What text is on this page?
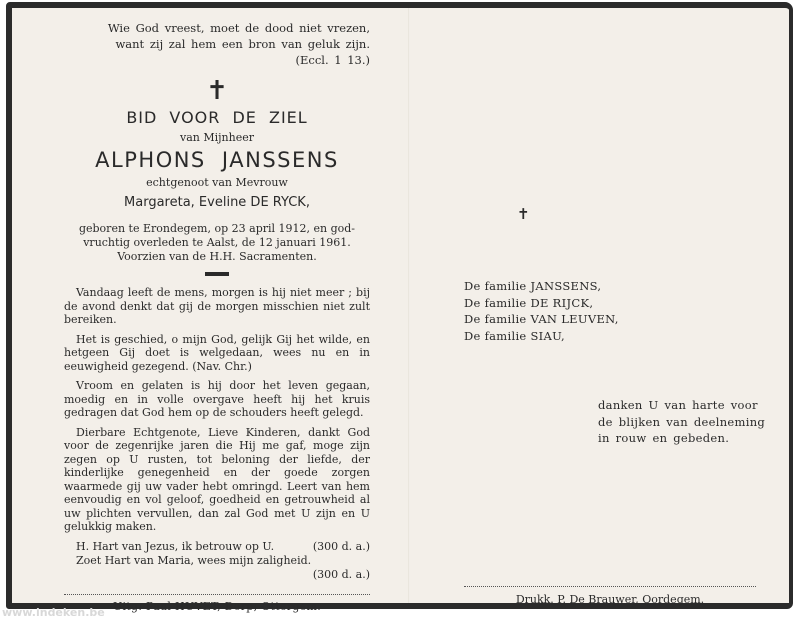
Wie God vreest, moet de dood niet vrezen,
want zij zal hem een bron van geluk zijn.
(Eccl. 1 13.)
✝
BID VOOR DE ZIEL
van Mijnheer
ALPHONS JANSSENS
echtgenoot van Mevrouw
Margareta, Eveline DE RYCK,
geboren te Erondegem, op 23 april 1912, en god-
vruchtig overleden te Aalst, de 12 januari 1961.
Voorzien van de H.H. Sacramenten.

Vandaag leeft de mens, morgen is hij niet meer ; bij de avond denkt dat gij de morgen misschien niet zult bereiken.

Het is geschied, o mijn God, gelijk Gij het wilde, en hetgeen Gij doet is welgedaan, wees nu en in eeuwigheid gezegend. (Nav. Chr.)

Vroom en gelaten is hij door het leven gegaan, moedig en in volle overgave heeft hij het kruis gedragen dat God hem op de schouders heeft gelegd.

Dierbare Echtgenote, Lieve Kinderen, dankt God voor de zegenrijke jaren die Hij me gaf, moge zijn zegen op U rusten, tot beloning der liefde, der kinderlijke genegenheid en der goede zorgen waarmede gij uw vader hebt omringd. Leert van hem eenvoudig en vol geloof, goedheid en getrouwheid al uw plichten vervullen, dan zal God met U zijn en U gelukkig maken.

H. Hart van Jezus, ik betrouw op U.	(300 d. a.)
Zoet Hart van Maria, wees mijn zaligheid.
(300 d. a.)
Uitg. Paul HUVET, Dorp, Ottergem.
✝
De familie JANSSENS,
De familie DE RIJCK,
De familie VAN LEUVEN,
De familie SIAU,
danken U van harte voor
de blijken van deelneming
in rouw en gebeden.
Drukk. P. De Brauwer, Oordegem.
www.indeken.be
